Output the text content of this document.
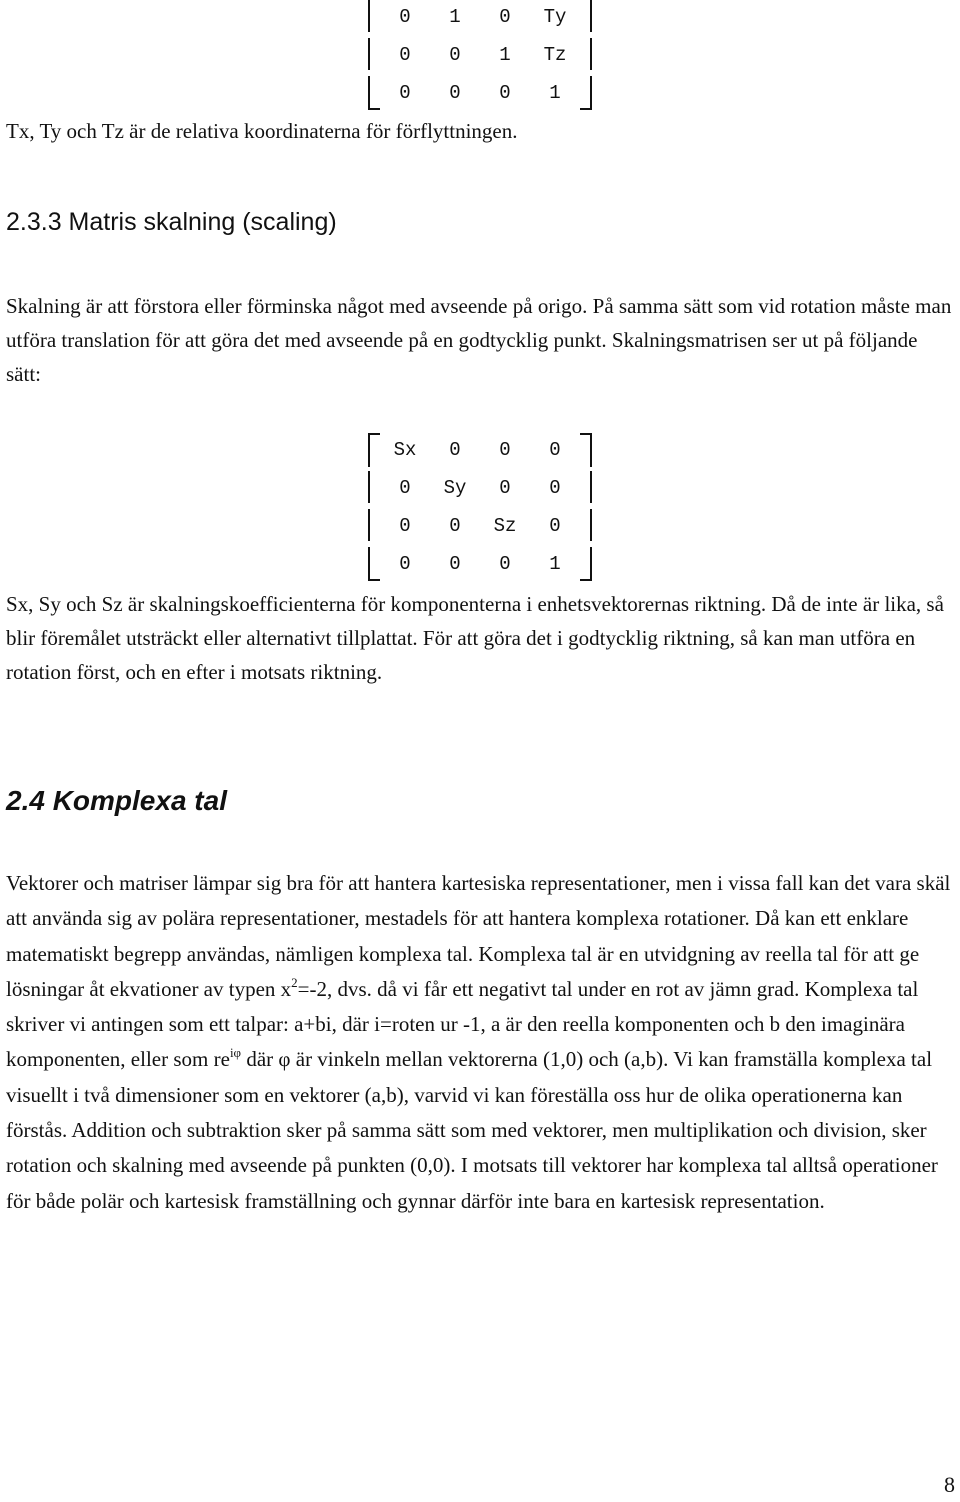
0	1	0	Ty
0	0	1	Tz
0	0	0	1
Tx, Ty och Tz är de relativa koordinaterna för förflyttningen.
2.3.3 Matris skalning (scaling)
Skalning är att förstora eller förminska något med avseende på origo. På samma sätt som vid rotation måste man utföra translation för att göra det med avseende på en godtycklig punkt. Skalningsmatrisen ser ut på följande sätt:
Sx	0	0	0
0	Sy	0	0
0	0	Sz	0
0	0	0	1
Sx, Sy och Sz är skalningskoefficienterna för komponenterna i enhetsvektorernas riktning. Då de inte är lika, så blir föremålet utsträckt eller alternativt tillplattat. För att göra det i godtycklig riktning, så kan man utföra en rotation först, och en efter i motsats riktning.
2.4 Komplexa tal
Vektorer och matriser lämpar sig bra för att hantera kartesiska representationer, men i vissa fall kan det vara skäl att använda sig av polära representationer, mestadels för att hantera komplexa rotationer. Då kan ett enklare matematiskt begrepp användas, nämligen komplexa tal. Komplexa tal är en utvidgning av reella tal för att ge lösningar åt ekvationer av typen $x^2=-2$, dvs. då vi får ett negativt tal under en rot av jämn grad. Komplexa tal skriver vi antingen som ett talpar: a+bi, där i=roten ur -1, a är den reella komponenten och b den imaginära komponenten, eller som $re^{i\varphi}$ där φ är vinkeln mellan vektorerna (1,0) och (a,b). Vi kan framställa komplexa tal visuellt i två dimensioner som en vektorer (a,b), varvid vi kan föreställa oss hur de olika operationerna kan förstås. Addition och subtraktion sker på samma sätt som med vektorer, men multiplikation och division, sker rotation och skalning med avseende på punkten (0,0). I motsats till vektorer har komplexa tal alltså operationer för både polär och kartesisk framställning och gynnar därför inte bara en kartesisk representation.
8
